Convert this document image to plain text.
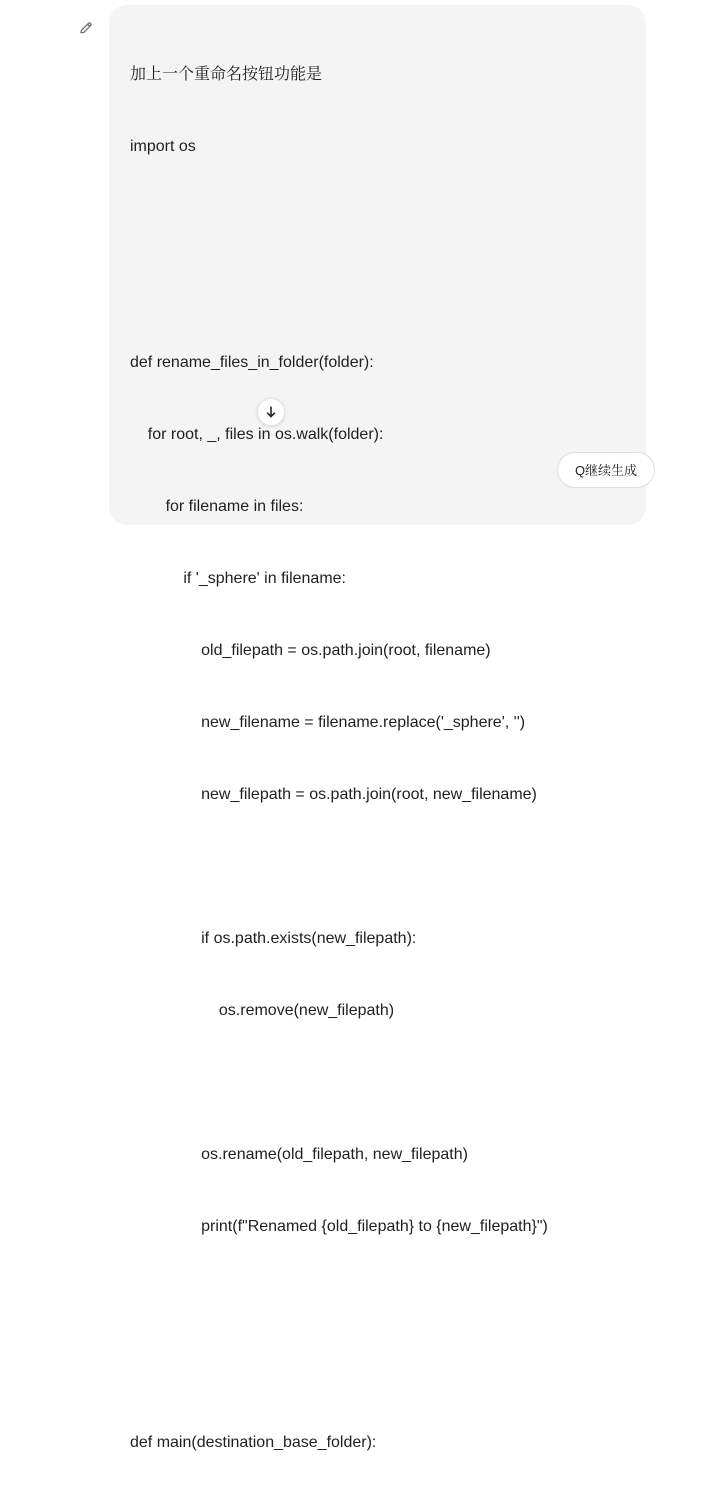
加上一个重命名按钮功能是

import os

def rename_files_in_folder(folder):

for root, _, files in os.walk(folder):

for filename in files:

if '_sphere' in filename:

old_filepath = os.path.join(root, filename)

new_filename = filename.replace('_sphere', '')

new_filepath = os.path.join(root, new_filename)

if os.path.exists(new_filepath):

os.remove(new_filepath)

os.rename(old_filepath, new_filepath)

print(f"Renamed {old_filepath} to {new_filepath}")

def main(destination_base_folder):

Q继续生成
